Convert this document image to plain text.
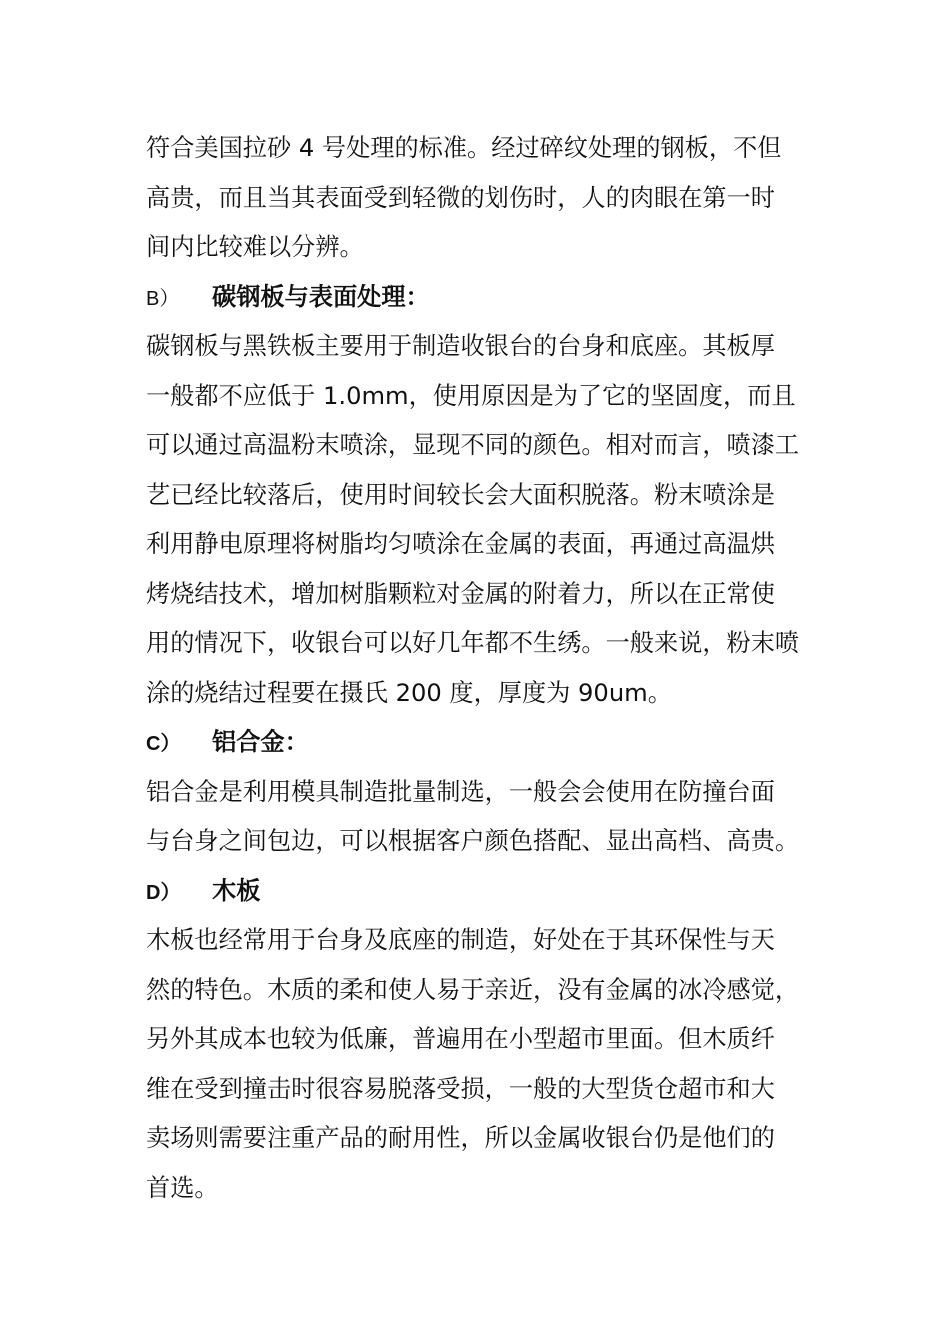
符合美国拉砂 4 号处理的标准。经过碎纹处理的钢板，不但
高贵，而且当其表面受到轻微的划伤时，人的肉眼在第一时
间内比较难以分辨。

B） 碳钢板与表面处理：

碳钢板与黑铁板主要用于制造收银台的台身和底座。其板厚
一般都不应低于 1.0mm，使用原因是为了它的坚固度，而且
可以通过高温粉末喷涂，显现不同的颜色。相对而言，喷漆工
艺已经比较落后，使用时间较长会大面积脱落。粉末喷涂是
利用静电原理将树脂均匀喷涂在金属的表面，再通过高温烘
烤烧结技术，增加树脂颗粒对金属的附着力，所以在正常使
用的情况下，收银台可以好几年都不生绣。一般来说，粉末喷
涂的烧结过程要在摄氏 200 度，厚度为 90um。

C） 铝合金：

铝合金是利用模具制造批量制选，一般会会使用在防撞台面
与台身之间包边，可以根据客户颜色搭配、显出高档、高贵。

D） 木板

木板也经常用于台身及底座的制造，好处在于其环保性与天
然的特色。木质的柔和使人易于亲近，没有金属的冰冷感觉，
另外其成本也较为低廉，普遍用在小型超市里面。但木质纤
维在受到撞击时很容易脱落受损，一般的大型货仓超市和大
卖场则需要注重产品的耐用性，所以金属收银台仍是他们的
首选。
